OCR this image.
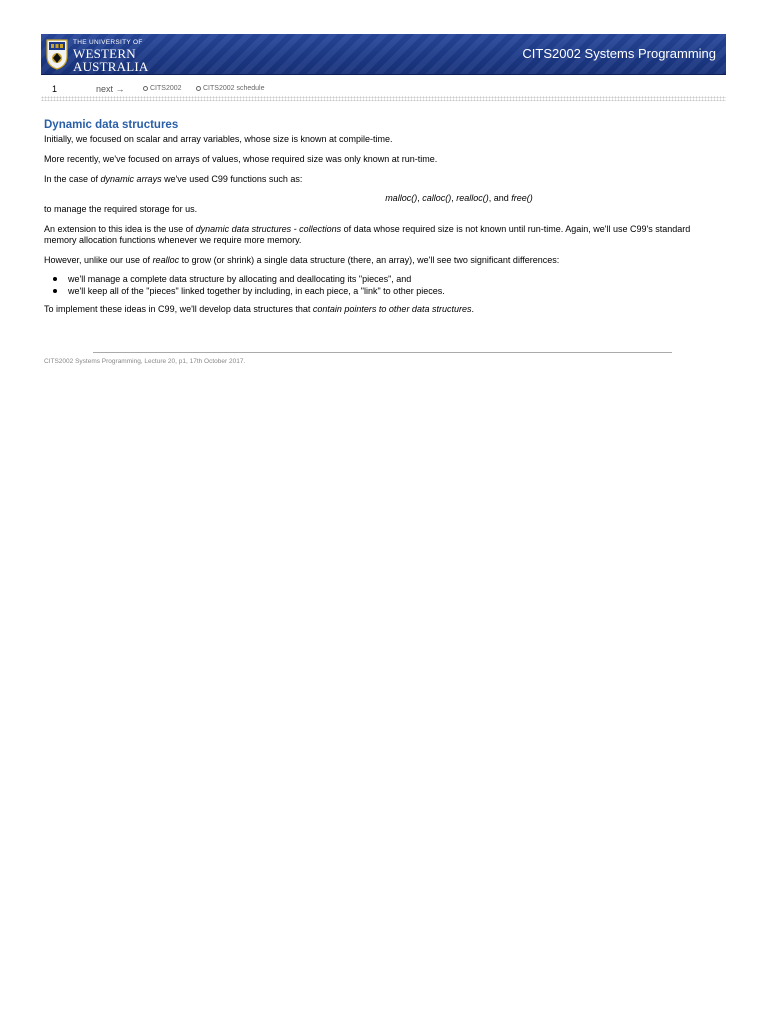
THE UNIVERSITY OF
WESTERN
AUSTRALIA
CITS2002 Systems Programming
1	next →	CITS2002	CITS2002 schedule
Dynamic data structures

Initially, we focused on scalar and array variables, whose size is known at compile-time.

More recently, we've focused on arrays of values, whose required size was only known at run-time.

In the case of dynamic arrays we've used C99 functions such as:

malloc(), calloc(), realloc(), and free()

to manage the required storage for us.

An extension to this idea is the use of dynamic data structures - collections of data whose required size is not known until run-time. Again, we'll use C99's standard memory allocation functions whenever we require more memory.

However, unlike our use of realloc to grow (or shrink) a single data structure (there, an array), we'll see two significant differences:

we'll manage a complete data structure by allocating and deallocating its "pieces", and
we'll keep all of the "pieces" linked together by including, in each piece, a "link" to other pieces.

To implement these ideas in C99, we'll develop data structures that contain pointers to other data structures.

CITS2002 Systems Programming, Lecture 20, p1, 17th October 2017.
